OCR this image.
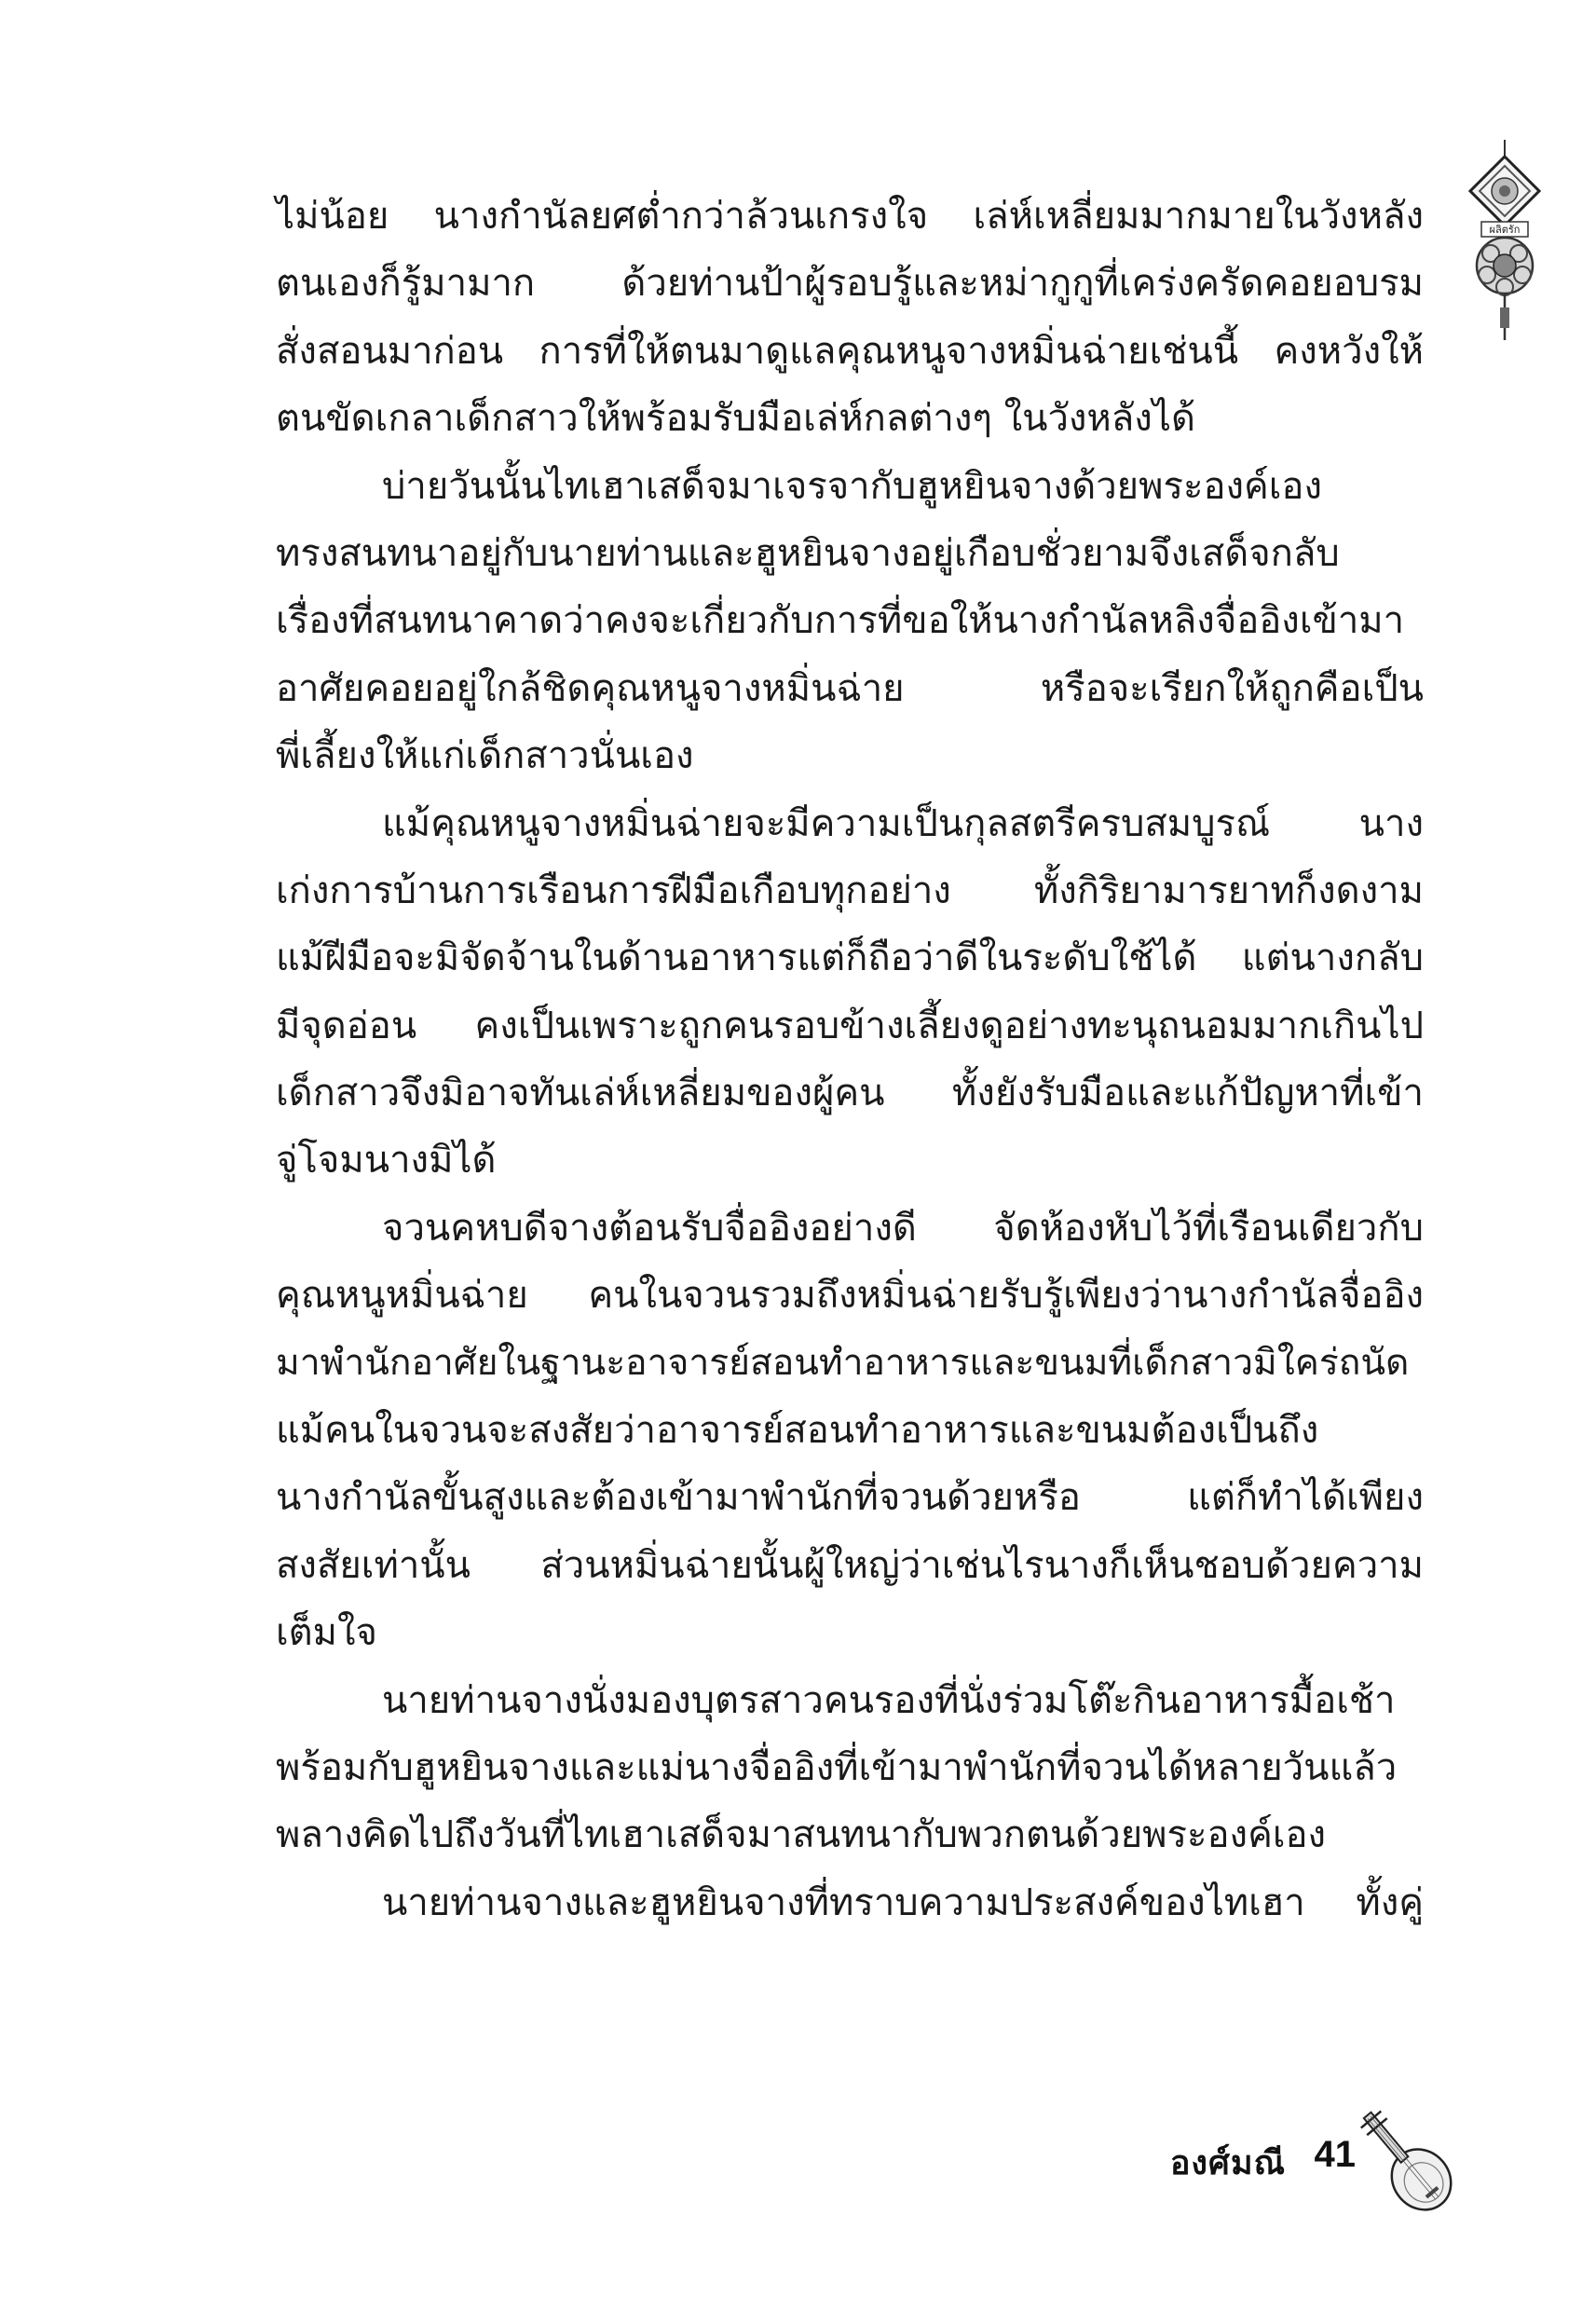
ผลิตรัก
ไม่น้อย นางกำนัลยศต่ำกว่าล้วนเกรงใจ เล่ห์เหลี่ยมมากมายในวังหลัง
ตนเองก็รู้มามาก ด้วยท่านป้าผู้รอบรู้และหม่ากูกูที่เคร่งครัดคอยอบรม
สั่งสอนมาก่อน การที่ให้ตนมาดูแลคุณหนูจางหมิ่นฉ่ายเช่นนี้ คงหวังให้
ตนขัดเกลาเด็กสาวให้พร้อมรับมือเล่ห์กลต่างๆ ในวังหลังได้
บ่ายวันนั้นไทเฮาเสด็จมาเจรจากับฮูหยินจางด้วยพระองค์เอง
ทรงสนทนาอยู่กับนายท่านและฮูหยินจางอยู่เกือบชั่วยามจึงเสด็จกลับ
เรื่องที่สนทนาคาดว่าคงจะเกี่ยวกับการที่ขอให้นางกำนัลหลิงจื่ออิงเข้ามา
อาศัยคอยอยู่ใกล้ชิดคุณหนูจางหมิ่นฉ่าย หรือจะเรียกให้ถูกคือเป็น
พี่เลี้ยงให้แก่เด็กสาวนั่นเอง
แม้คุณหนูจางหมิ่นฉ่ายจะมีความเป็นกุลสตรีครบสมบูรณ์ นาง
เก่งการบ้านการเรือนการฝีมือเกือบทุกอย่าง ทั้งกิริยามารยาทก็งดงาม
แม้ฝีมือจะมิจัดจ้านในด้านอาหารแต่ก็ถือว่าดีในระดับใช้ได้ แต่นางกลับ
มีจุดอ่อน คงเป็นเพราะถูกคนรอบข้างเลี้ยงดูอย่างทะนุถนอมมากเกินไป
เด็กสาวจึงมิอาจทันเล่ห์เหลี่ยมของผู้คน ทั้งยังรับมือและแก้ปัญหาที่เข้า
จู่โจมนางมิได้
จวนคหบดีจางต้อนรับจื่ออิงอย่างดี จัดห้องหับไว้ที่เรือนเดียวกับ
คุณหนูหมิ่นฉ่าย คนในจวนรวมถึงหมิ่นฉ่ายรับรู้เพียงว่านางกำนัลจื่ออิง
มาพำนักอาศัยในฐานะอาจารย์สอนทำอาหารและขนมที่เด็กสาวมิใคร่ถนัด
แม้คนในจวนจะสงสัยว่าอาจารย์สอนทำอาหารและขนมต้องเป็นถึง
นางกำนัลขั้นสูงและต้องเข้ามาพำนักที่จวนด้วยหรือ แต่ก็ทำได้เพียง
สงสัยเท่านั้น ส่วนหมิ่นฉ่ายนั้นผู้ใหญ่ว่าเช่นไรนางก็เห็นชอบด้วยความ
เต็มใจ
นายท่านจางนั่งมองบุตรสาวคนรองที่นั่งร่วมโต๊ะกินอาหารมื้อเช้า
พร้อมกับฮูหยินจางและแม่นางจื่ออิงที่เข้ามาพำนักที่จวนได้หลายวันแล้ว
พลางคิดไปถึงวันที่ไทเฮาเสด็จมาสนทนากับพวกตนด้วยพระองค์เอง
นายท่านจางและฮูหยินจางที่ทราบความประสงค์ของไทเฮา ทั้งคู่
องศ์มณี 41
